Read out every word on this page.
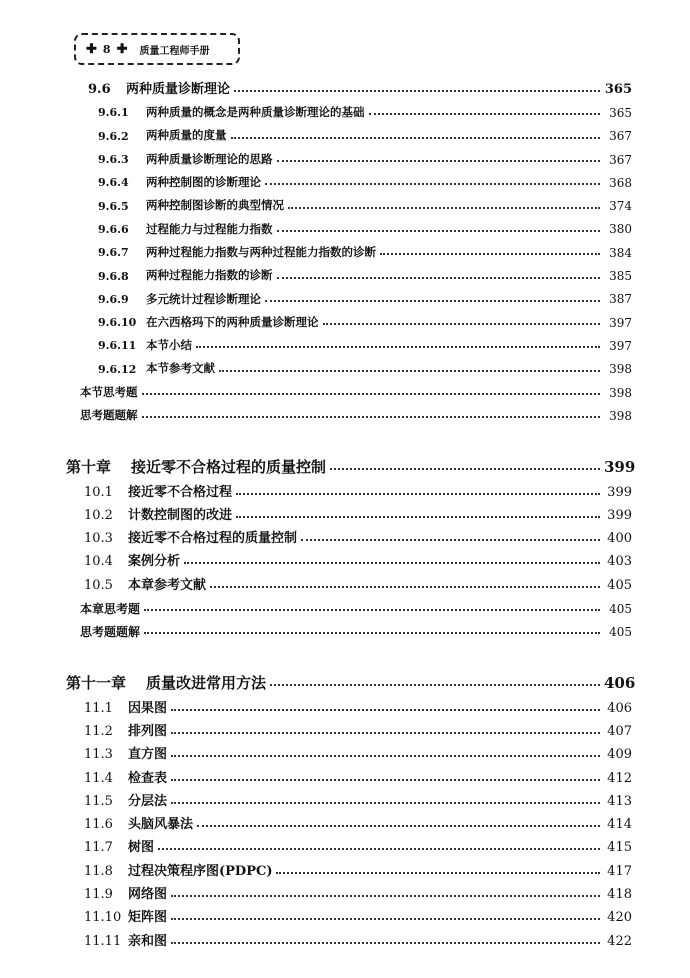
✚ 8 ✚ 质量工程师手册
9.6	两种质量诊断理论	365
9.6.1	两种质量的概念是两种质量诊断理论的基础	365
9.6.2	两种质量的度量	367
9.6.3	两种质量诊断理论的思路	367
9.6.4	两种控制图的诊断理论	368
9.6.5	两种控制图诊断的典型情况	374
9.6.6	过程能力与过程能力指数	380
9.6.7	两种过程能力指数与两种过程能力指数的诊断	384
9.6.8	两种过程能力指数的诊断	385
9.6.9	多元统计过程诊断理论	387
9.6.10 在六西格玛下的两种质量诊断理论	397
9.6.11 本节小结	397
9.6.12 本节参考文献	398
本节思考题	398
思考题题解	398
第十章	接近零不合格过程的质量控制	399
10.1	接近零不合格过程	399
10.2	计数控制图的改进	399
10.3	接近零不合格过程的质量控制	400
10.4	案例分析	403
10.5	本章参考文献	405
本章思考题	405
思考题题解	405
第十一章	质量改进常用方法	406
11.1	因果图	406
11.2	排列图	407
11.3	直方图	409
11.4	检查表	412
11.5	分层法	413
11.6	头脑风暴法	414
11.7	树图	415
11.8	过程决策程序图(PDPC)	417
11.9	网络图	418
11.10 矩阵图	420
11.11 亲和图	422
